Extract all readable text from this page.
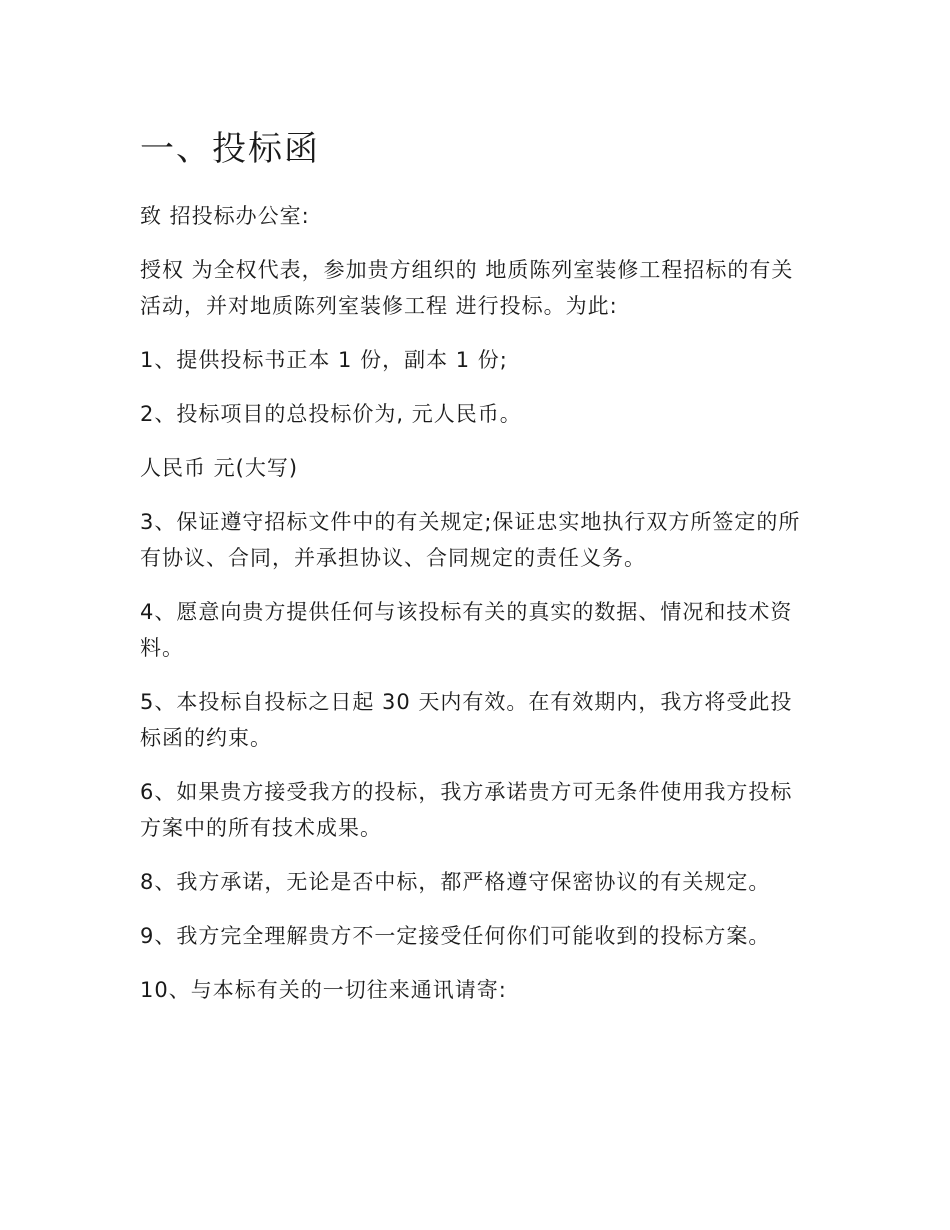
一、投标函

致 招投标办公室:

授权 为全权代表，参加贵方组织的 地质陈列室装修工程招标的有关活动，并对地质陈列室装修工程 进行投标。为此:

1、提供投标书正本 1 份，副本 1 份;

2、投标项目的总投标价为, 元人民币。

人民币 元(大写)

3、保证遵守招标文件中的有关规定;保证忠实地执行双方所签定的所有协议、合同，并承担协议、合同规定的责任义务。

4、愿意向贵方提供任何与该投标有关的真实的数据、情况和技术资料。

5、本投标自投标之日起 30 天内有效。在有效期内，我方将受此投标函的约束。

6、如果贵方接受我方的投标，我方承诺贵方可无条件使用我方投标方案中的所有技术成果。

8、我方承诺，无论是否中标，都严格遵守保密协议的有关规定。

9、我方完全理解贵方不一定接受任何你们可能收到的投标方案。

10、与本标有关的一切往来通讯请寄:
